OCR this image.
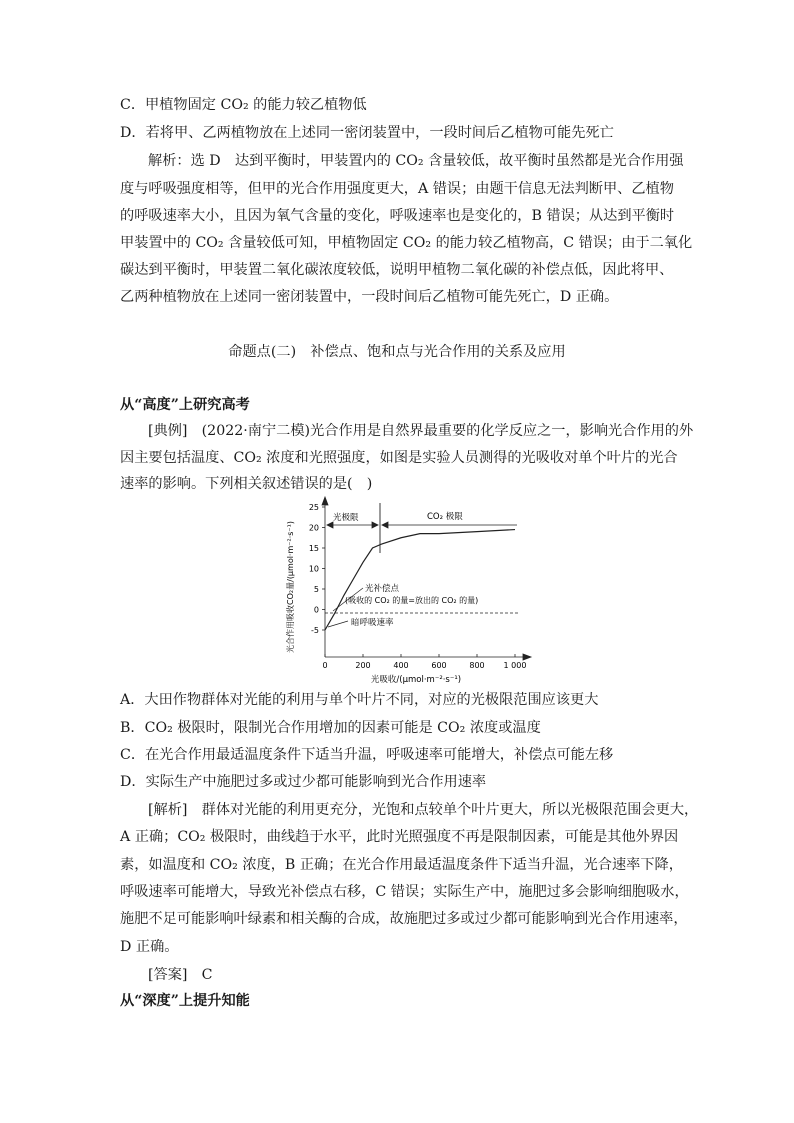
C．甲植物固定 CO₂ 的能力较乙植物低
D．若将甲、乙两植物放在上述同一密闭装置中，一段时间后乙植物可能先死亡
解析：选 D　达到平衡时，甲装置内的 CO₂ 含量较低，故平衡时虽然都是光合作用强
度与呼吸强度相等，但甲的光合作用强度更大，A 错误；由题干信息无法判断甲、乙植物
的呼吸速率大小，且因为氧气含量的变化，呼吸速率也是变化的，B 错误；从达到平衡时
甲装置中的 CO₂ 含量较低可知，甲植物固定 CO₂ 的能力较乙植物高，C 错误；由于二氧化
碳达到平衡时，甲装置二氧化碳浓度较低，说明甲植物二氧化碳的补偿点低，因此将甲、
乙两种植物放在上述同一密闭装置中，一段时间后乙植物可能先死亡，D 正确。
命题点(二)　补偿点、饱和点与光合作用的关系及应用
从“高度”上研究高考
[典例]　(2022·南宁二模)光合作用是自然界最重要的化学反应之一，影响光合作用的外
因主要包括温度、CO₂ 浓度和光照强度，如图是实验人员测得的光吸收对单个叶片的光合
速率的影响。下列相关叙述错误的是(　)
-5
0
5
10
15
20
25
0	200	400	600	800 1 000
光极限	CO₂ 极限
光补偿点
(吸收的 CO₂ 的量=放出的 CO₂ 的量)
暗呼吸速率
光吸收/(μmol·m⁻²·s⁻¹)
光合作用吸收CO₂量/(μmol·m⁻²·s⁻¹)
A．大田作物群体对光能的利用与单个叶片不同，对应的光极限范围应该更大
B．CO₂ 极限时，限制光合作用增加的因素可能是 CO₂ 浓度或温度
C．在光合作用最适温度条件下适当升温，呼吸速率可能增大，补偿点可能左移
D．实际生产中施肥过多或过少都可能影响到光合作用速率
[解析]　群体对光能的利用更充分，光饱和点较单个叶片更大，所以光极限范围会更大，
A 正确；CO₂ 极限时，曲线趋于水平，此时光照强度不再是限制因素，可能是其他外界因
素，如温度和 CO₂ 浓度，B 正确；在光合作用最适温度条件下适当升温，光合速率下降，
呼吸速率可能增大，导致光补偿点右移，C 错误；实际生产中，施肥过多会影响细胞吸水，
施肥不足可能影响叶绿素和相关酶的合成，故施肥过多或过少都可能影响到光合作用速率，
D 正确。
[答案]　C
从“深度”上提升知能
